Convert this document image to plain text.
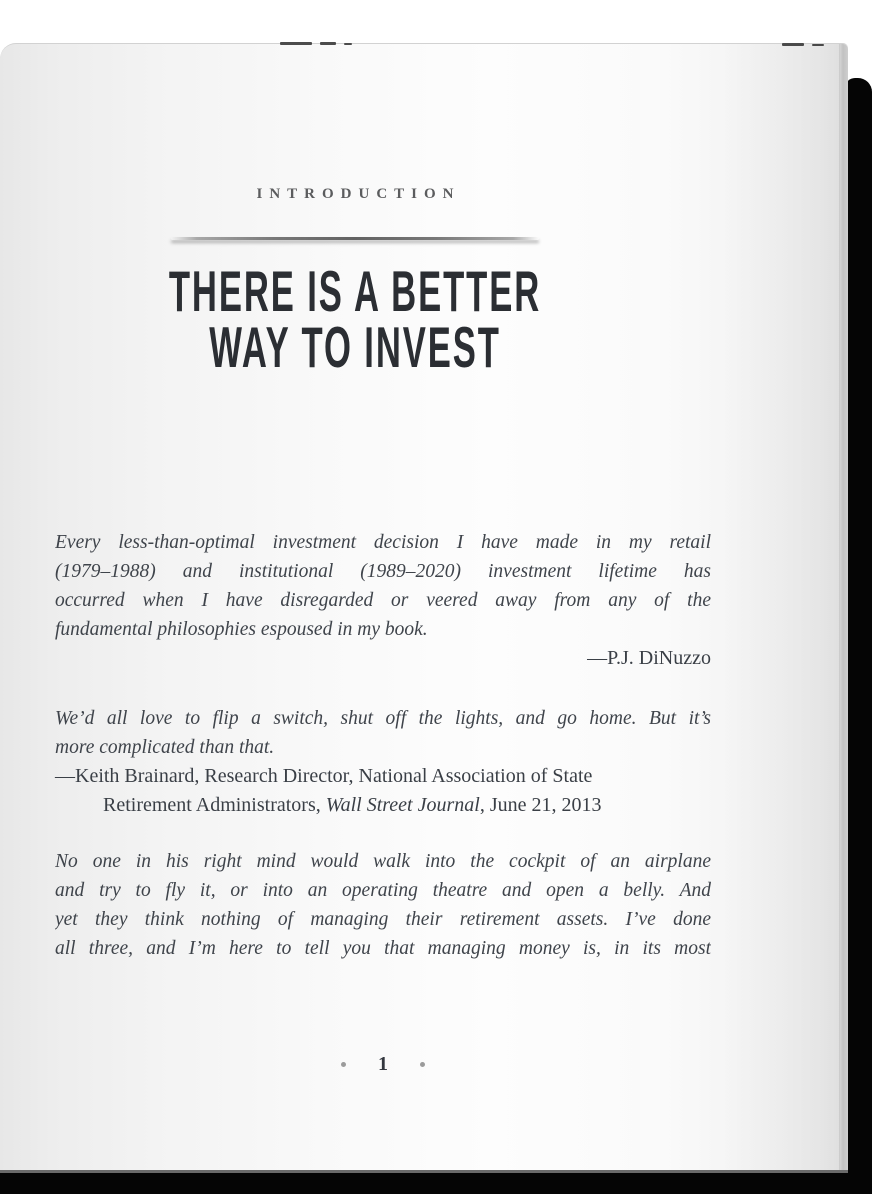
INTRODUCTION
THERE IS A BETTER
WAY TO INVEST
Every less-than-optimal investment decision I have made in my retail
(1979–1988) and institutional (1989–2020) investment lifetime has
occurred when I have disregarded or veered away from any of the
fundamental philosophies espoused in my book.
—P.J. DiNuzzo
We’d all love to flip a switch, shut off the lights, and go home. But it’s
more complicated than that.
—Keith Brainard, Research Director, National Association of State
Retirement Administrators, Wall Street Journal, June 21, 2013
No one in his right mind would walk into the cockpit of an airplane
and try to fly it, or into an operating theatre and open a belly. And
yet they think nothing of managing their retirement assets. I’ve done
all three, and I’m here to tell you that managing money is, in its most
1
